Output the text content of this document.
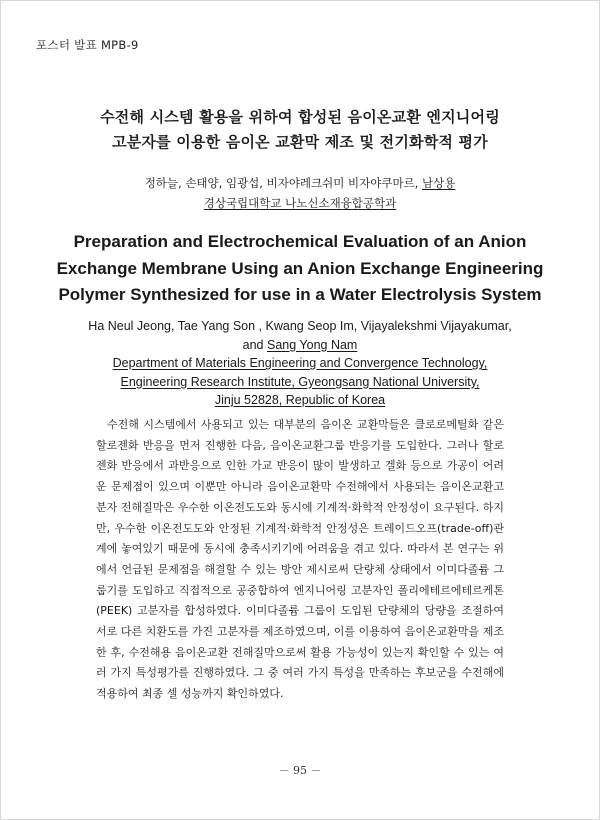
포스터 발표 MPB-9
수전해 시스템 활용을 위하여 합성된 음이온교환 엔지니어링
고분자를 이용한 음이온 교환막 제조 및 전기화학적 평가
정하늘, 손태양, 임광섭, 비자야레크쉬미 비자야쿠마르, 남상용
경상국립대학교 나노신소재융합공학과
Preparation and Electrochemical Evaluation of an Anion
Exchange Membrane Using an Anion Exchange Engineering
Polymer Synthesized for use in a Water Electrolysis System
Ha Neul Jeong, Tae Yang Son , Kwang Seop Im, Vijayalekshmi Vijayakumar,
and Sang Yong Nam
Department of Materials Engineering and Convergence Technology,
Engineering Research Institute, Gyeongsang National University,
Jinju 52828, Republic of Korea

수전해 시스템에서 사용되고 있는 대부분의 음이온 교환막들은 클로로메틸화 같은 할로젠화 반응을 먼저 진행한 다음, 음이온교환그룹 반응기를 도입한다. 그러나 할로젠화 반응에서 과반응으로 인한 가교 반응이 많이 발생하고 겔화 등으로 가공이 어려운 문제점이 있으며 이뿐만 아니라 음이온교환막 수전해에서 사용되는 음이온교환고분자 전해질막은 우수한 이온전도도와 동시에 기계적·화학적 안정성이 요구된다. 하지만, 우수한 이온전도도와 안정된 기계적·화학적 안정성은 트레이드오프(trade-off)관계에 놓여있기 때문에 동시에 충족시키기에 어려움을 겪고 있다. 따라서 본 연구는 위에서 언급된 문제점을 해결할 수 있는 방안 제시로써 단량체 상태에서 이미다졸륨 그룹기를 도입하고 직접적으로 공중합하여 엔지니어링 고분자인 폴리에테르에테르케톤(PEEK) 고분자를 합성하였다. 이미다졸륨 그룹이 도입된 단량체의 당량을 조절하여 서로 다른 치환도를 가진 고분자를 제조하였으며, 이를 이용하여 음이온교환막을 제조한 후, 수전해용 음이온교환 전해질막으로써 활용 가능성이 있는지 확인할 수 있는 여러 가지 특성평가를 진행하였다. 그 중 여러 가지 특성을 만족하는 후보군을 수전해에 적용하여 최종 셀 성능까지 확인하였다.

－ 95 －
